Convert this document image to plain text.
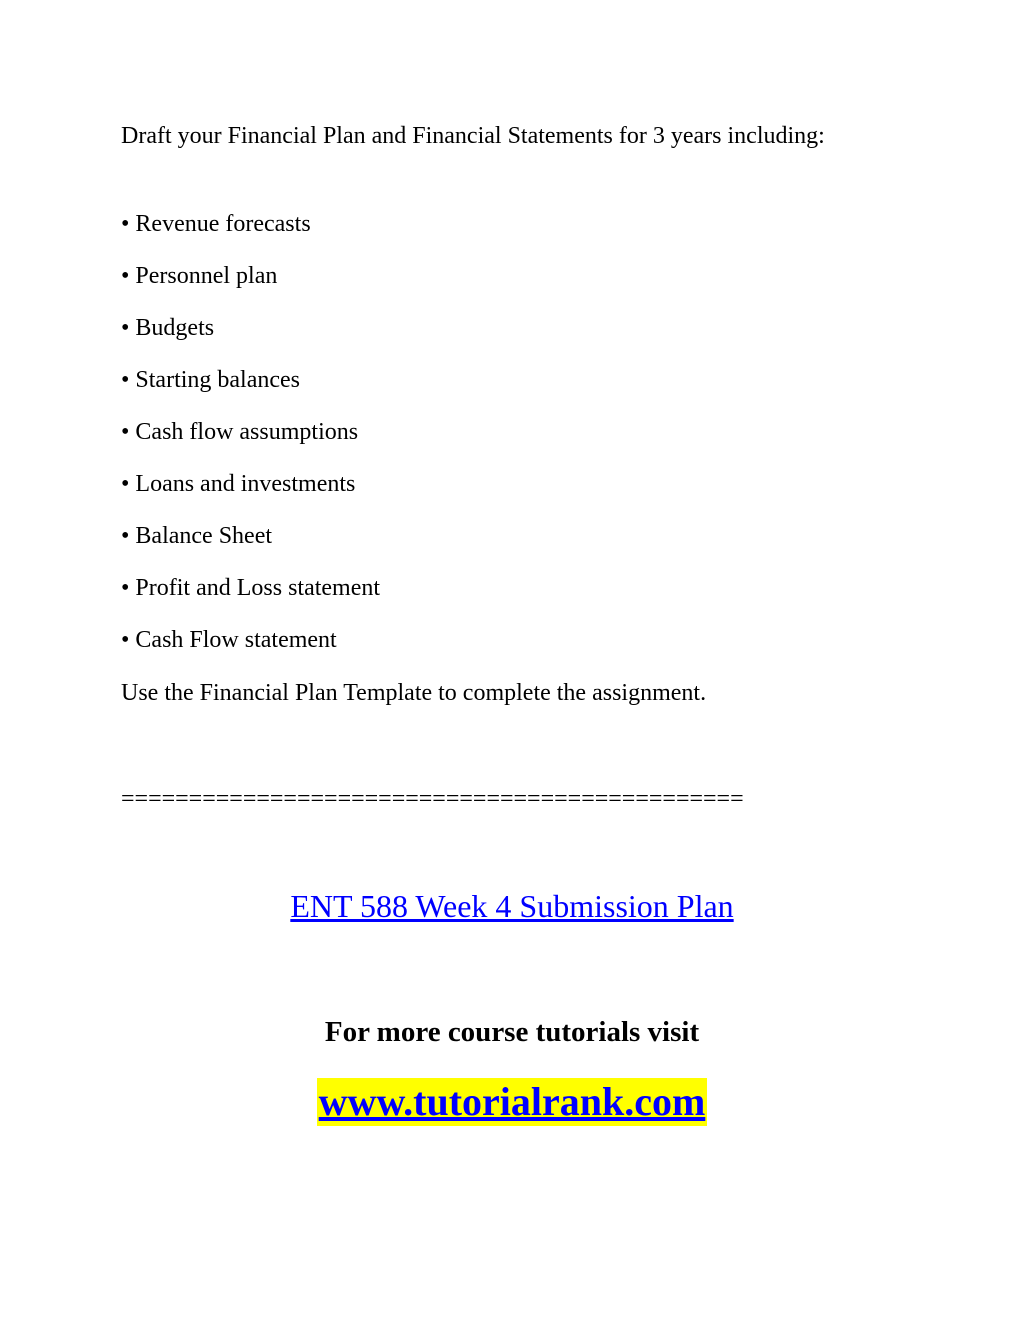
Draft your Financial Plan and Financial Statements for 3 years including:

• Revenue forecasts
• Personnel plan
• Budgets
• Starting balances
• Cash flow assumptions
• Loans and investments
• Balance Sheet
• Profit and Loss statement
• Cash Flow statement

Use the Financial Plan Template to complete the assignment.

==============================================

ENT 588 Week 4 Submission Plan

For more course tutorials visit

www.tutorialrank.com
